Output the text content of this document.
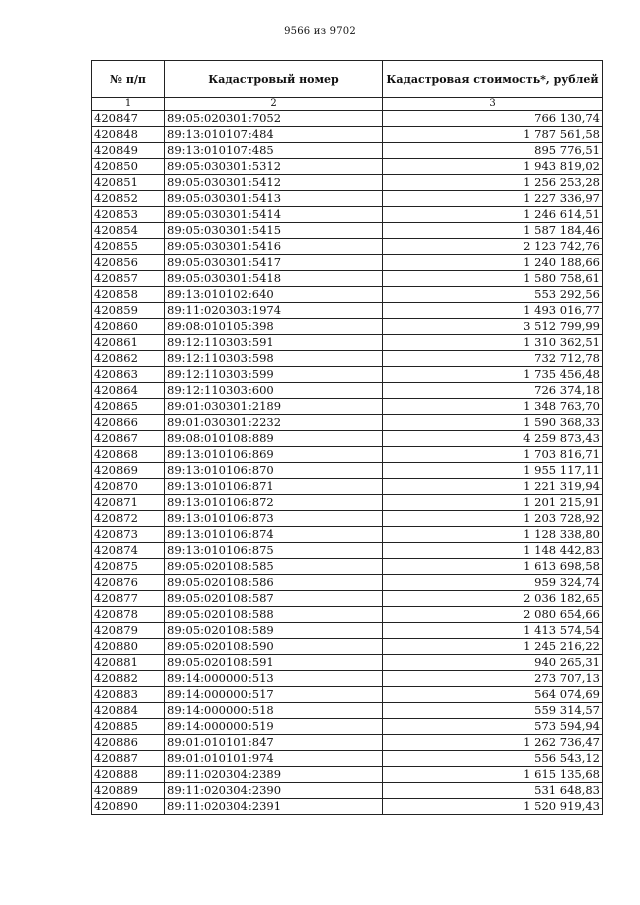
9566 из 9702
№ п/п	Кадастровый номер	Кадастровая стоимость*, рублей
1	2	3
420847	89:05:020301:7052	766 130,74
420848	89:13:010107:484	1 787 561,58
420849	89:13:010107:485	895 776,51
420850	89:05:030301:5312	1 943 819,02
420851	89:05:030301:5412	1 256 253,28
420852	89:05:030301:5413	1 227 336,97
420853	89:05:030301:5414	1 246 614,51
420854	89:05:030301:5415	1 587 184,46
420855	89:05:030301:5416	2 123 742,76
420856	89:05:030301:5417	1 240 188,66
420857	89:05:030301:5418	1 580 758,61
420858	89:13:010102:640	553 292,56
420859	89:11:020303:1974	1 493 016,77
420860	89:08:010105:398	3 512 799,99
420861	89:12:110303:591	1 310 362,51
420862	89:12:110303:598	732 712,78
420863	89:12:110303:599	1 735 456,48
420864	89:12:110303:600	726 374,18
420865	89:01:030301:2189	1 348 763,70
420866	89:01:030301:2232	1 590 368,33
420867	89:08:010108:889	4 259 873,43
420868	89:13:010106:869	1 703 816,71
420869	89:13:010106:870	1 955 117,11
420870	89:13:010106:871	1 221 319,94
420871	89:13:010106:872	1 201 215,91
420872	89:13:010106:873	1 203 728,92
420873	89:13:010106:874	1 128 338,80
420874	89:13:010106:875	1 148 442,83
420875	89:05:020108:585	1 613 698,58
420876	89:05:020108:586	959 324,74
420877	89:05:020108:587	2 036 182,65
420878	89:05:020108:588	2 080 654,66
420879	89:05:020108:589	1 413 574,54
420880	89:05:020108:590	1 245 216,22
420881	89:05:020108:591	940 265,31
420882	89:14:000000:513	273 707,13
420883	89:14:000000:517	564 074,69
420884	89:14:000000:518	559 314,57
420885	89:14:000000:519	573 594,94
420886	89:01:010101:847	1 262 736,47
420887	89:01:010101:974	556 543,12
420888	89:11:020304:2389	1 615 135,68
420889	89:11:020304:2390	531 648,83
420890	89:11:020304:2391	1 520 919,43
